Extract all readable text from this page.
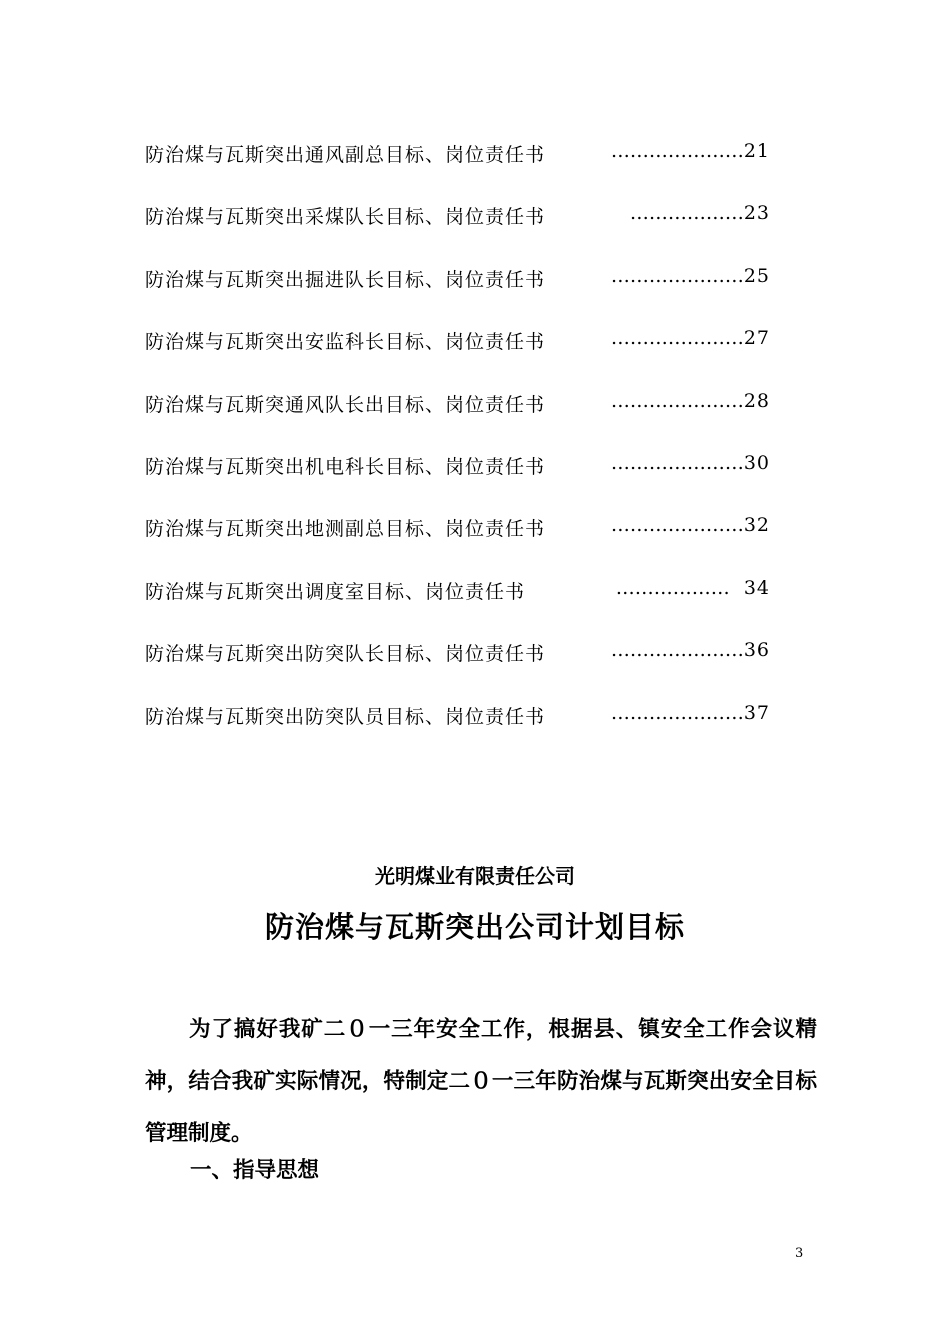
防治煤与瓦斯突出通风副总目标、岗位责任书	…………………21
防治煤与瓦斯突出采煤队长目标、岗位责任书	………………23
防治煤与瓦斯突出掘进队长目标、岗位责任书	…………………25
防治煤与瓦斯突出安监科长目标、岗位责任书	…………………27
防治煤与瓦斯突通风队长出目标、岗位责任书	…………………28
防治煤与瓦斯突出机电科长目标、岗位责任书	…………………30
防治煤与瓦斯突出地测副总目标、岗位责任书	…………………32
防治煤与瓦斯突出调度室目标、岗位责任书	……………… 34
防治煤与瓦斯突出防突队长目标、岗位责任书	…………………36
防治煤与瓦斯突出防突队员目标、岗位责任书	…………………37
光明煤业有限责任公司
防治煤与瓦斯突出公司计划目标
为了搞好我矿二０一三年安全工作，根据县、镇安全工作会议精神，结合我矿实际情况，特制定二０一三年防治煤与瓦斯突出安全目标管理制度。
一、指导思想
3
